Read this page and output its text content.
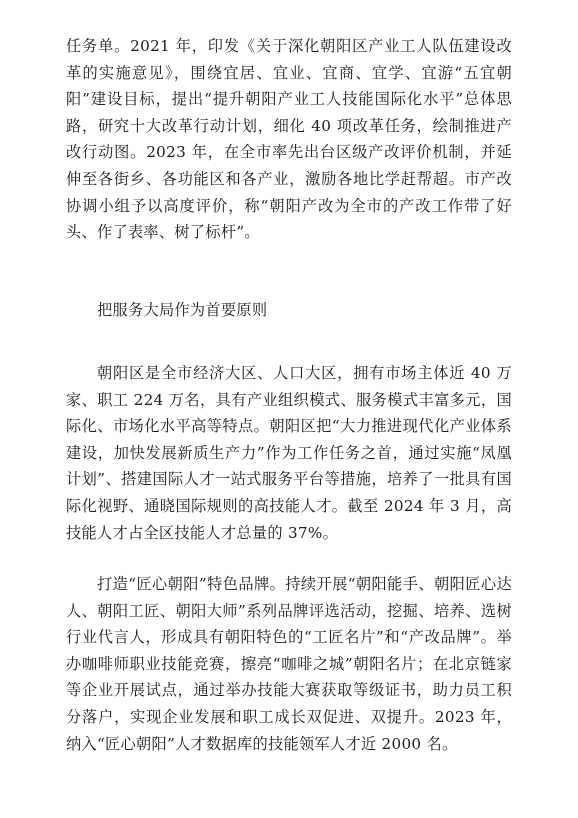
任务单。2021 年，印发《关于深化朝阳区产业工人队伍建设改革的实施意见》，围绕宜居、宜业、宜商、宜学、宜游“五宜朝阳”建设目标，提出“提升朝阳产业工人技能国际化水平”总体思路，研究十大改革行动计划，细化 40 项改革任务，绘制推进产改行动图。2023 年，在全市率先出台区级产改评价机制，并延伸至各街乡、各功能区和各产业，激励各地比学赶帮超。市产改协调小组予以高度评价，称“朝阳产改为全市的产改工作带了好头、作了表率、树了标杆”。

把服务大局作为首要原则

朝阳区是全市经济大区、人口大区，拥有市场主体近 40 万家、职工 224 万名，具有产业组织模式、服务模式丰富多元，国际化、市场化水平高等特点。朝阳区把“大力推进现代化产业体系建设，加快发展新质生产力”作为工作任务之首，通过实施“凤凰计划”、搭建国际人才一站式服务平台等措施，培养了一批具有国际化视野、通晓国际规则的高技能人才。截至 2024 年 3 月，高技能人才占全区技能人才总量的 37%。

打造“匠心朝阳”特色品牌。持续开展“朝阳能手、朝阳匠心达人、朝阳工匠、朝阳大师”系列品牌评选活动，挖掘、培养、选树行业代言人，形成具有朝阳特色的“工匠名片”和“产改品牌”。举办咖啡师职业技能竞赛，擦亮“咖啡之城”朝阳名片；在北京链家等企业开展试点，通过举办技能大赛获取等级证书，助力员工积分落户，实现企业发展和职工成长双促进、双提升。2023 年，纳入“匠心朝阳”人才数据库的技能领军人才近 2000 名。
